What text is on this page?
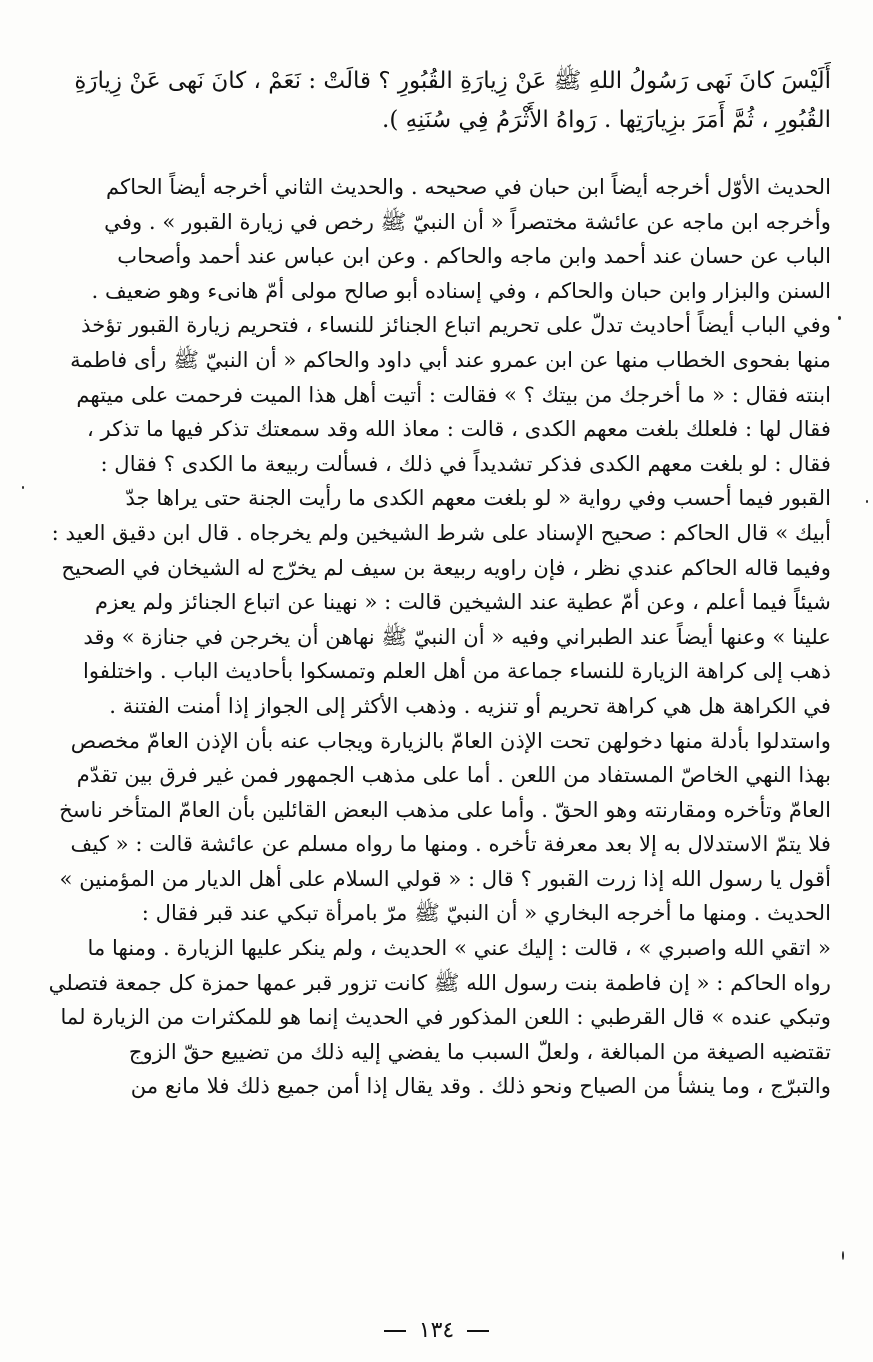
أَلَيْسَ كانَ نَهى رَسُولُ اللهِ ﷺ عَنْ زِيارَةِ القُبُورِ ؟ قالَتْ : نَعَمْ ، كانَ نَهى عَنْ زِيارَةِ
القُبُورِ ، ثُمَّ أَمَرَ بزِيارَتِها . رَواهُ الأَثْرَمُ فِي سُنَنِهِ ).
الحديث الأوّل أخرجه أيضاً ابن حبان في صحيحه . والحديث الثاني أخرجه أيضاً الحاكم
وأخرجه ابن ماجه عن عائشة مختصراً « أن النبيّ ﷺ رخص في زيارة القبور » . وفي
الباب عن حسان عند أحمد وابن ماجه والحاكم . وعن ابن عباس عند أحمد وأصحاب
السنن والبزار وابن حبان والحاكم ، وفي إسناده أبو صالح مولى أمّ هانىء وهو ضعيف .
وفي الباب أيضاً أحاديث تدلّ على تحريم اتباع الجنائز للنساء ، فتحريم زيارة القبور تؤخذ
منها بفحوى الخطاب منها عن ابن عمرو عند أبي داود والحاكم « أن النبيّ ﷺ رأى فاطمة
ابنته فقال : « ما أخرجك من بيتك ؟ » فقالت : أتيت أهل هذا الميت فرحمت على ميتهم
فقال لها : فلعلك بلغت معهم الكدى ، قالت : معاذ الله وقد سمعتك تذكر فيها ما تذكر ،
فقال : لو بلغت معهم الكدى فذكر تشديداً في ذلك ، فسألت ربيعة ما الكدى ؟ فقال :
القبور فيما أحسب وفي رواية « لو بلغت معهم الكدى ما رأيت الجنة حتى يراها جدّ
أبيك » قال الحاكم : صحيح الإسناد على شرط الشيخين ولم يخرجاه . قال ابن دقيق العيد :
وفيما قاله الحاكم عندي نظر ، فإن راويه ربيعة بن سيف لم يخرّج له الشيخان في الصحيح
شيئاً فيما أعلم ، وعن أمّ عطية عند الشيخين قالت : « نهينا عن اتباع الجنائز ولم يعزم
علينا » وعنها أيضاً عند الطبراني وفيه « أن النبيّ ﷺ نهاهن أن يخرجن في جنازة » وقد
ذهب إلى كراهة الزيارة للنساء جماعة من أهل العلم وتمسكوا بأحاديث الباب . واختلفوا
في الكراهة هل هي كراهة تحريم أو تنزيه . وذهب الأكثر إلى الجواز إذا أمنت الفتنة .
واستدلوا بأدلة منها دخولهن تحت الإذن العامّ بالزيارة ويجاب عنه بأن الإذن العامّ مخصص
بهذا النهي الخاصّ المستفاد من اللعن . أما على مذهب الجمهور فمن غير فرق بين تقدّم
العامّ وتأخره ومقارنته وهو الحقّ . وأما على مذهب البعض القائلين بأن العامّ المتأخر ناسخ
فلا يتمّ الاستدلال به إلا بعد معرفة تأخره . ومنها ما رواه مسلم عن عائشة قالت : « كيف
أقول يا رسول الله إذا زرت القبور ؟ قال : « قولي السلام على أهل الديار من المؤمنين »
الحديث . ومنها ما أخرجه البخاري « أن النبيّ ﷺ مرّ بامرأة تبكي عند قبر فقال :
« اتقي الله واصبري » ، قالت : إليك عني » الحديث ، ولم ينكر عليها الزيارة . ومنها ما
رواه الحاكم : « إن فاطمة بنت رسول الله ﷺ كانت تزور قبر عمها حمزة كل جمعة فتصلي
وتبكي عنده » قال القرطبي : اللعن المذكور في الحديث إنما هو للمكثرات من الزيارة لما
تقتضيه الصيغة من المبالغة ، ولعلّ السبب ما يفضي إليه ذلك من تضييع حقّ الزوج
والتبرّج ، وما ينشأ من الصياح ونحو ذلك . وقد يقال إذا أمن جميع ذلك فلا مانع من
١٣٤
